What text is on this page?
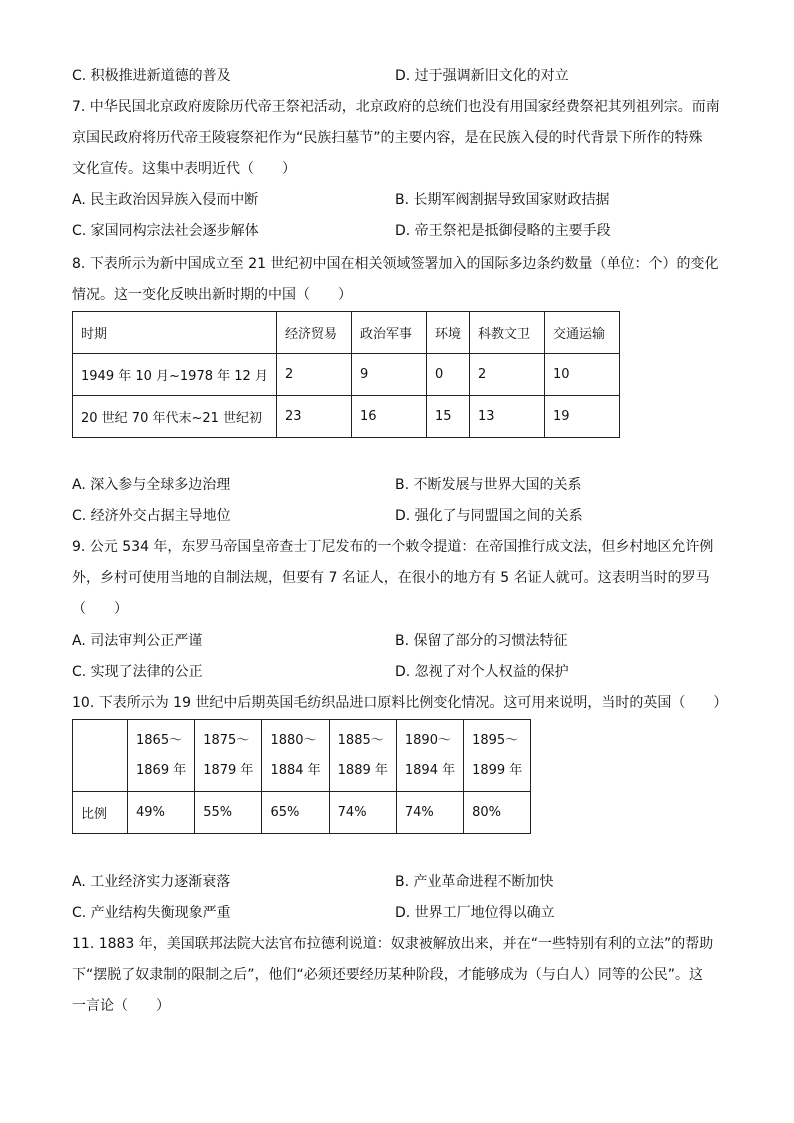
C. 积极推进新道德的普及	D. 过于强调新旧文化的对立
7. 中华民国北京政府废除历代帝王祭祀活动，北京政府的总统们也没有用国家经费祭祀其列祖列宗。而南
京国民政府将历代帝王陵寝祭祀作为“民族扫墓节”的主要内容，是在民族入侵的时代背景下所作的特殊
文化宣传。这集中表明近代（　　）
A. 民主政治因异族入侵而中断	B. 长期军阀割据导致国家财政拮据
C. 家国同构宗法社会逐步解体	D. 帝王祭祀是抵御侵略的主要手段
8. 下表所示为新中国成立至 21 世纪初中国在相关领域签署加入的国际多边条约数量（单位：个）的变化
情况。这一变化反映出新时期的中国（　　）
时期	经济贸易	政治军事	环境	科教文卫	交通运输
1949 年 10 月~1978 年 12 月	2	9	0	2	10
20 世纪 70 年代末~21 世纪初	23	16	15	13	19
A. 深入参与全球多边治理	B. 不断发展与世界大国的关系
C. 经济外交占据主导地位	D. 强化了与同盟国之间的关系
9. 公元 534 年，东罗马帝国皇帝查士丁尼发布的一个敕令提道：在帝国推行成文法，但乡村地区允许例
外，乡村可使用当地的自制法规，但要有 7 名证人，在很小的地方有 5 名证人就可。这表明当时的罗马
（　　）
A. 司法审判公正严谨	B. 保留了部分的习惯法特征
C. 实现了法律的公正	D. 忽视了对个人权益的保护
10. 下表所示为 19 世纪中后期英国毛纺织品进口原料比例变化情况。这可用来说明，当时的英国（　　）

	1865～
1869 年	1875～
1879 年	1880～
1884 年	1885～
1889 年	1890～
1894 年	1895～
1899 年

比例	49%	55%	65%	74%	74%	80%
A. 工业经济实力逐渐衰落	B. 产业革命进程不断加快
C. 产业结构失衡现象严重	D. 世界工厂地位得以确立
11. 1883 年，美国联邦法院大法官布拉德利说道：奴隶被解放出来，并在“一些特别有利的立法”的帮助
下“摆脱了奴隶制的限制之后”，他们“必须还要经历某种阶段，才能够成为（与白人）同等的公民”。这
一言论（　　）
